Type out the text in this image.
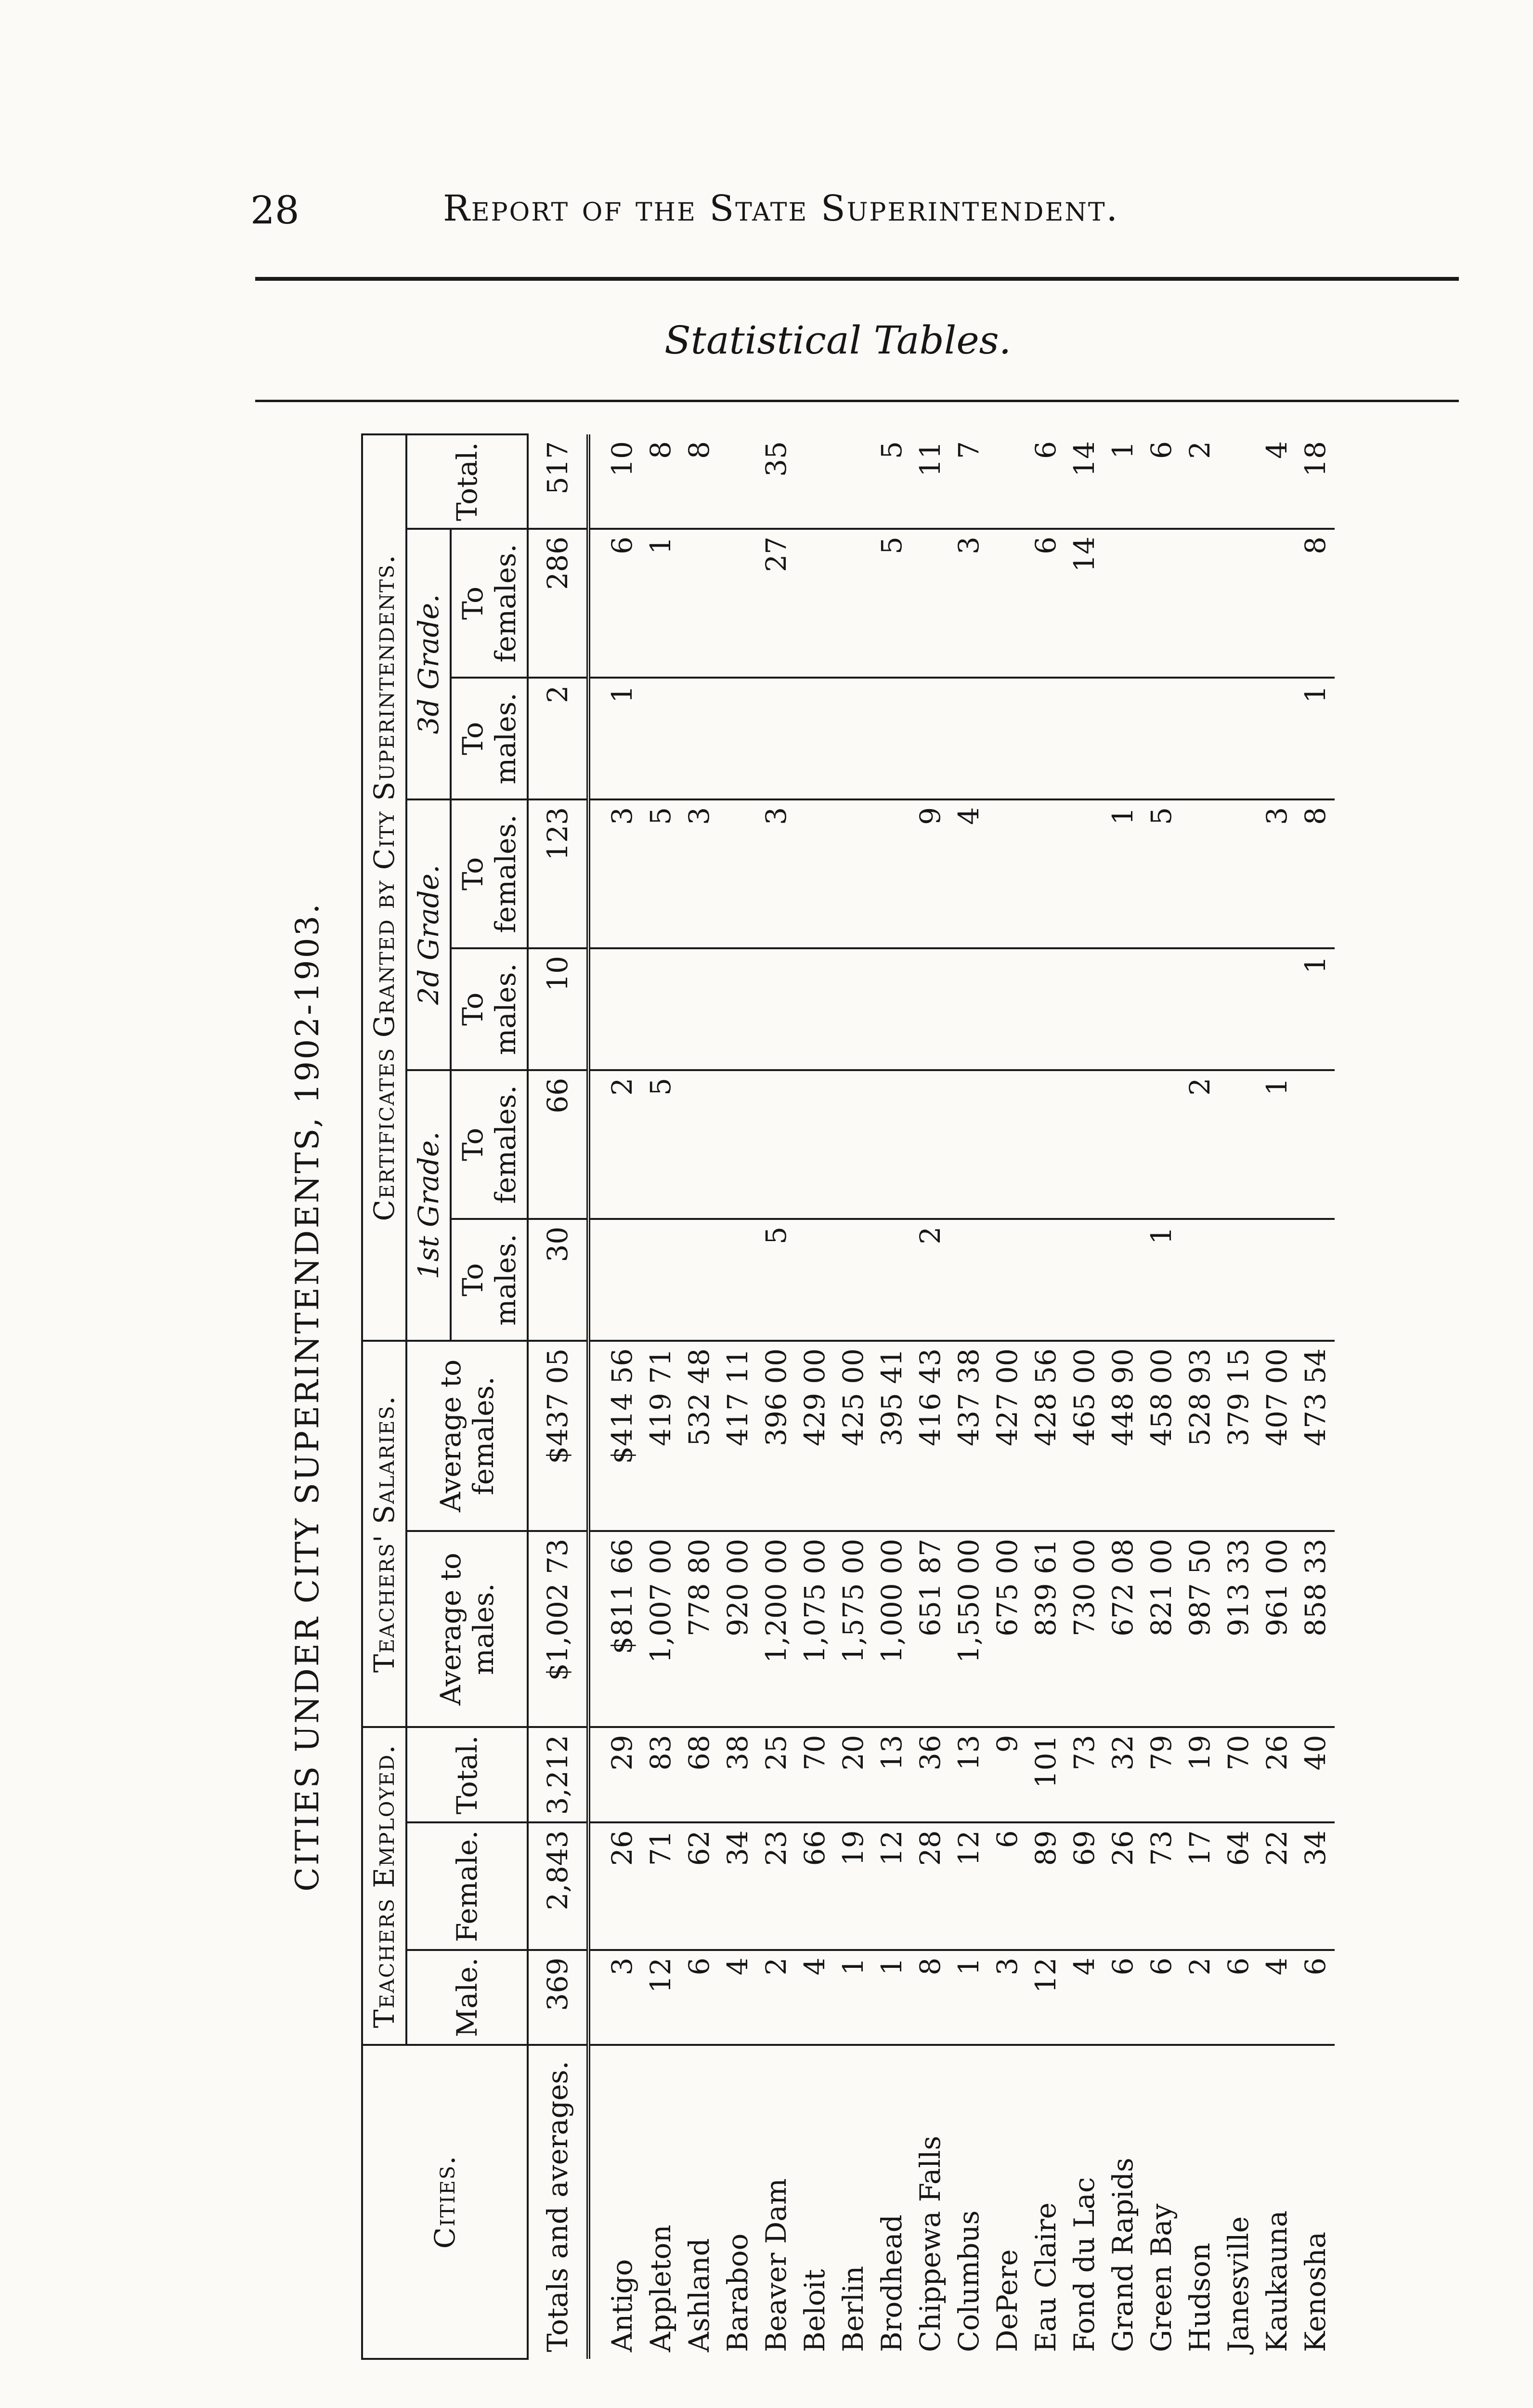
28	Report of the State Superintendent.
Statistical Tables.
CITIES UNDER CITY SUPERINTENDENTS, 1902-1903.
Cities.	Teachers Employed.			Teachers' Salaries.		Certificates Granted by City Superintendents.						
	Male.	Female.	Total.	Average to males.	Average to females.	1st Grade.		2d Grade.		3d Grade.		Total.
						To males.	To females.	To males.	To females.	To males.	To females.	
Totals and averages.	369	2,843	3,212	$1,002 73	$437 05	30	66	10	123	2	286	517
Antigo	3	26	29	$811 66	$414 56		2		3	1	6	10
Appleton	12	71	83	1,007 00	419 71		5		5		1	8
Ashland	6	62	68	778 80	532 48				3			8
Baraboo	4	34	38	920 00	417 11							
Beaver Dam	2	23	25	1,200 00	396 00	5			3		27	35
Beloit	4	66	70	1,075 00	429 00							
Berlin	1	19	20	1,575 00	425 00							
Brodhead	1	12	13	1,000 00	395 41						5	5
Chippewa Falls	8	28	36	651 87	416 43	2			9			11
Columbus	1	12	13	1,550 00	437 38				4		3	7
DePere	3	6	9	675 00	427 00							
Eau Claire	12	89	101	839 61	428 56						6	6
Fond du Lac	4	69	73	730 00	465 00						14	14
Grand Rapids	6	26	32	672 08	448 90				1			1
Green Bay	6	73	79	821 00	458 00	1			5			6
Hudson	2	17	19	987 50	528 93		2					2
Janesville	6	64	70	913 33	379 15							
Kaukauna	4	22	26	961 00	407 00		1		3			4
Kenosha	6	34	40	858 33	473 54			1	8	1	8	18
